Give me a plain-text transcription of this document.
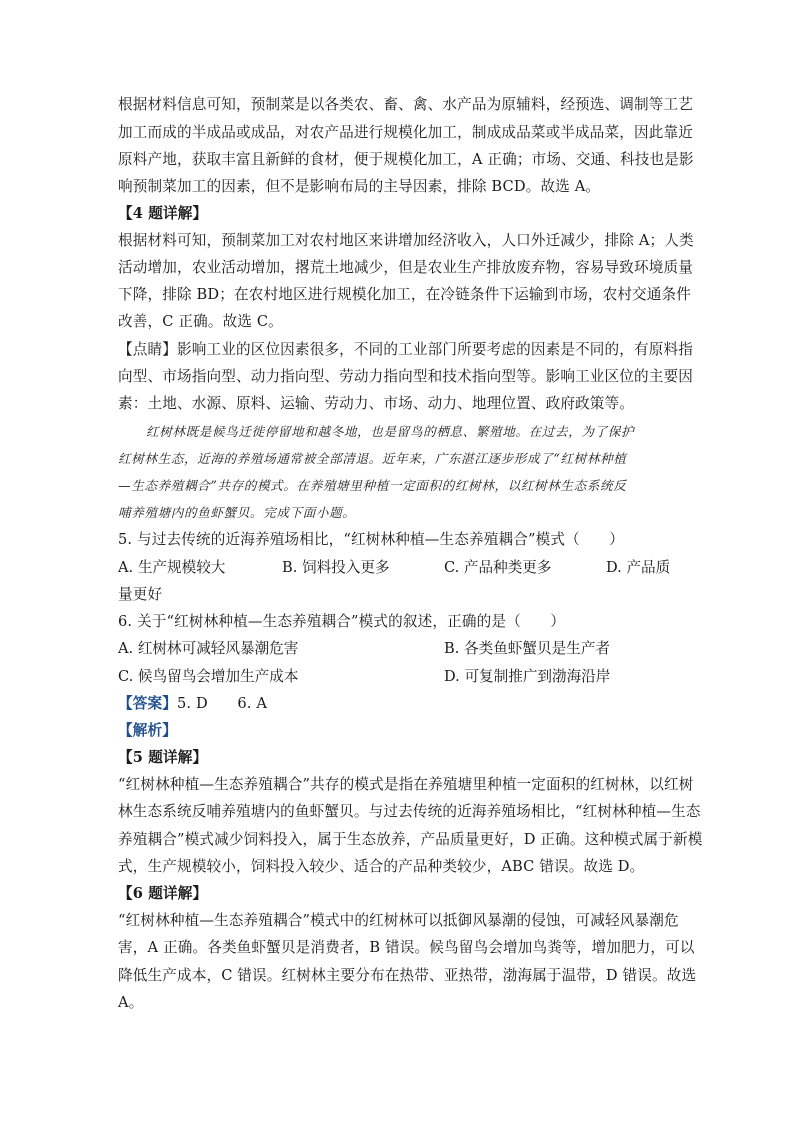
根据材料信息可知，预制菜是以各类农、畜、禽、水产品为原辅料，经预选、调制等工艺
加工而成的半成品或成品，对农产品进行规模化加工，制成成品菜或半成品菜，因此靠近
原料产地，获取丰富且新鲜的食材，便于规模化加工，A 正确；市场、交通、科技也是影
响预制菜加工的因素，但不是影响布局的主导因素，排除 BCD。故选 A。
【4 题详解】
根据材料可知，预制菜加工对农村地区来讲增加经济收入，人口外迁减少，排除 A；人类
活动增加，农业活动增加，撂荒土地减少，但是农业生产排放废弃物，容易导致环境质量
下降，排除 BD；在农村地区进行规模化加工，在冷链条件下运输到市场，农村交通条件
改善，C 正确。故选 C。
【点睛】影响工业的区位因素很多，不同的工业部门所要考虑的因素是不同的，有原料指
向型、市场指向型、动力指向型、劳动力指向型和技术指向型等。影响工业区位的主要因
素：土地、水源、原料、运输、劳动力、市场、动力、地理位置、政府政策等。
红树林既是候鸟迁徙停留地和越冬地，也是留鸟的栖息、繁殖地。在过去，为了保护
红树林生态，近海的养殖场通常被全部清退。近年来，广东湛江逐步形成了“红树林种植
—生态养殖耦合”共存的模式。在养殖塘里种植一定面积的红树林，以红树林生态系统反
哺养殖塘内的鱼虾蟹贝。完成下面小题。
5. 与过去传统的近海养殖场相比，“红树林种植—生态养殖耦合”模式（　　）
A. 生产规模较大	B. 饲料投入更多	C. 产品种类更多	D. 产品质
量更好
6. 关于“红树林种植—生态养殖耦合”模式的叙述，正确的是（　　）
A. 红树林可减轻风暴潮危害	B. 各类鱼虾蟹贝是生产者
C. 候鸟留鸟会增加生产成本	D. 可复制推广到渤海沿岸
【答案】5. D　　6. A
【解析】
【5 题详解】
“红树林种植—生态养殖耦合”共存的模式是指在养殖塘里种植一定面积的红树林，以红树
林生态系统反哺养殖塘内的鱼虾蟹贝。与过去传统的近海养殖场相比，“红树林种植—生态
养殖耦合”模式减少饲料投入，属于生态放养，产品质量更好，D 正确。这种模式属于新模
式，生产规模较小，饲料投入较少、适合的产品种类较少，ABC 错误。故选 D。
【6 题详解】
“红树林种植—生态养殖耦合”模式中的红树林可以抵御风暴潮的侵蚀，可减轻风暴潮危
害，A 正确。各类鱼虾蟹贝是消费者，B 错误。候鸟留鸟会增加鸟粪等，增加肥力，可以
降低生产成本，C 错误。红树林主要分布在热带、亚热带，渤海属于温带，D 错误。故选
A。
